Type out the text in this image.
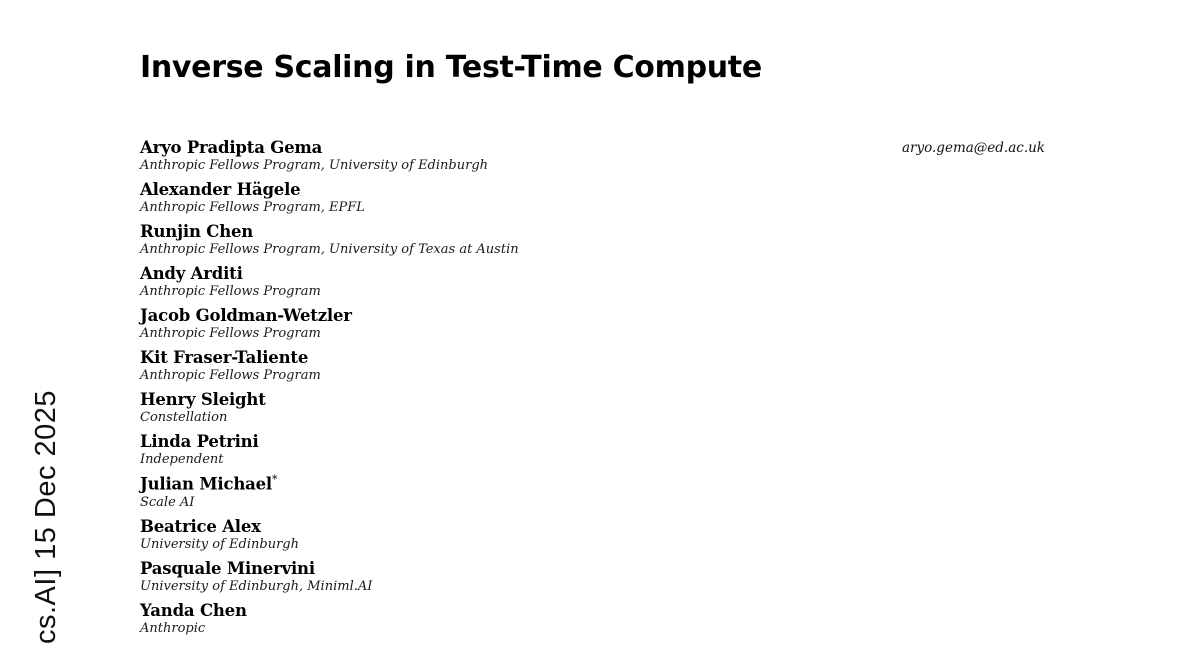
cs.AI] 15 Dec 2025
Inverse Scaling in Test-Time Compute
aryo.gema@ed.ac.uk

Aryo Pradipta Gema

Anthropic Fellows Program, University of Edinburgh

Alexander Hägele

Anthropic Fellows Program, EPFL

Runjin Chen

Anthropic Fellows Program, University of Texas at Austin

Andy Arditi

Anthropic Fellows Program

Jacob Goldman-Wetzler

Anthropic Fellows Program

Kit Fraser-Taliente

Anthropic Fellows Program

Henry Sleight

Constellation

Linda Petrini

Independent

Julian Michael*

Scale AI

Beatrice Alex

University of Edinburgh

Pasquale Minervini

University of Edinburgh, Miniml.AI

Yanda Chen

Anthropic
